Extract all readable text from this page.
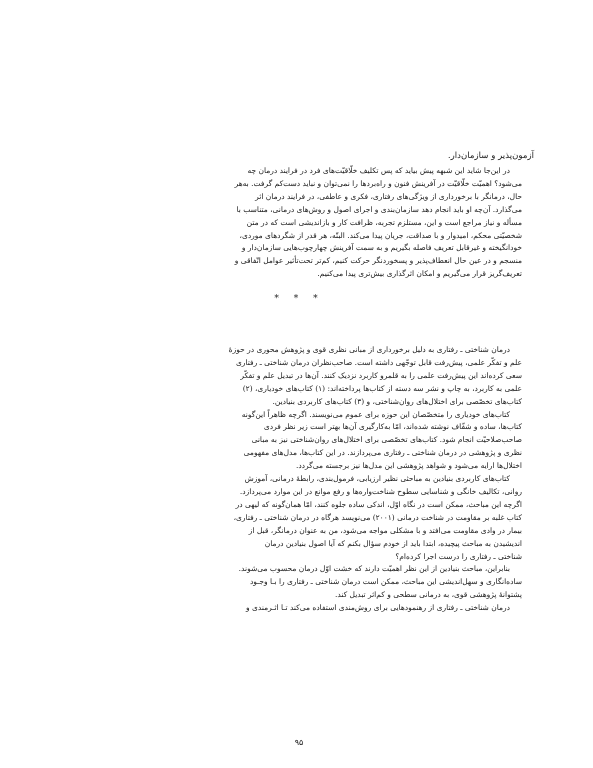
آزمون‌پذیر و سازمان‌دار.

در این‌جا شاید این شبهه پیش بیاید که پس تکلیف خلّاقیّت‌های فرد در فرایند درمان چه
می‌شود؟ اهمیّت خلّاقیّت در آفرینش فنون و راه‌بردها را نمی‌توان و نباید دست‌کم گرفت. به‌هر
حال، درمانگر با برخورداری از ویژگی‌های رفتاری، فکری و عاطفی، در فرایند درمان اثر
می‌گذارد. آن‌چه او باید انجام دهد سازمان‌بندی و اجرای اصول و روش‌های درمانی، متناسب با
مسأله و نیاز مراجع است و این، مستلزم تجربه، ظرافت کار و بازاندیشی است که در متن
شخصیّتی محکم، امیدوار و با صداقت، جریان پیدا می‌کند. البتّه، هر قدر از شگردهای موردی،
خودانگیخته و غیرقابل تعریف فاصله بگیریم و به سمت آفرینش چهارچوب‌هایی سازمان‌دار و
منسجم و در عین حال انعطاف‌پذیر و پسخوردنگر حرکت کنیم، کم‌تر تحت‌تأثیر عوامل اتّفاقی و
تعریف‌گریز قرار می‌گیریم و امکان اثرگذاری بیش‌تری پیدا می‌کنیم.

* * *

درمان شناختی ـ رفتاری به دلیل برخورداری از مبانی نظری قوی و پژوهش محوری در حوزهٔ
علم و تفکّر علمی، پیش‌رفت قابل توجّهی داشته است. صاحب‌نظران درمان شناختی ـ رفتاری
سعی کرده‌اند این پیش‌رفت علمی را به قلمرو کاربرد نزدیک کنند. آن‌ها در تبدیل علم و تفکّر
علمی به کاربرد، به چاپ و نشر سه دسته از کتاب‌ها پرداخته‌اند: (۱) کتاب‌های خودیاری، (۲)
کتاب‌های تخصّصی برای اختلال‌های روان‌شناختی، و (۳) کتاب‌های کاربردی بنیادین.

کتاب‌های خودیاری را متخصّصان این حوزه برای عموم می‌نویسند. اگرچه ظاهراً این‌گونه
کتاب‌ها، ساده و شفّاف نوشته شده‌اند، امّا به‌کارگیری آن‌ها بهتر است زیر نظر فردی
صاحب‌صلاحیّت انجام شود. کتاب‌های تخصّصی برای اختلال‌های روان‌شناختی نیز به مبانی
نظری و پژوهشی در درمان شناختی ـ رفتاری می‌پردازند. در این کتاب‌ها، مدل‌های مفهومی
اختلال‌ها ارایه می‌شود و شواهد پژوهشی این مدل‌ها نیز برجسته می‌گردد.

کتاب‌های کاربردی بنیادین به مباحثی نظیر ارزیابی، فرمول‌بندی، رابطهٔ درمانی، آموزش
روانی، تکالیف خانگی و شناسایی سطوح شناخت‌واره‌ها و رفع موانع در این موارد می‌پردازد.
اگرچه این مباحث، ممکن است در نگاه اوّل، اندکی ساده جلوه کنند، امّا همان‌گونه که لیهی در
کتاب غلبه بر مقاومت در شناخت درمانی (۲۰۰۱) می‌نویسد هرگاه در درمان شناختی ـ رفتاری،
بیمار در وادی مقاومت می‌افتد و با مشکلی مواجه می‌شود، من به عنوان درمانگر، قبل از
اندیشیدن به مباحث پیچیده، ابتدا باید از خودم سؤال بکنم که آیا اصول بنیادین درمان
شناختی ـ رفتاری را درست اجرا کرده‌ام؟

بنابراین، مباحث بنیادین از این نظر اهمیّت دارند که خشت اوّل درمان محسوب می‌شوند.
ساده‌انگاری و سهل‌اندیشی این مباحث، ممکن است درمان شناختی ـ رفتاری را بـا وجـود
پشتوانهٔ پژوهشی قوی، به درمانی سطحی و کم‌اثر تبدیل کند.

درمان شناختی ـ رفتاری از رهنمودهایی برای روش‌مندی استفاده می‌کند تـا اثـرمندی و

۹۵
